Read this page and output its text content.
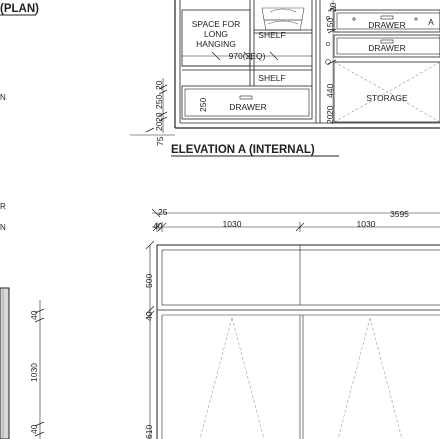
(PLAN)
N
R
N
40
1030
40
SPACE FOR
LONG
HANGING
SHELF
SHELF
970(2EQ)
DRAWER
250
20
250
20
20
75
DRAWER	A
DRAWER
STORAGE
20
150
440
20
20
ELEVATION A (INTERNAL)
25
40	1030	1030
3595
500
40
610
